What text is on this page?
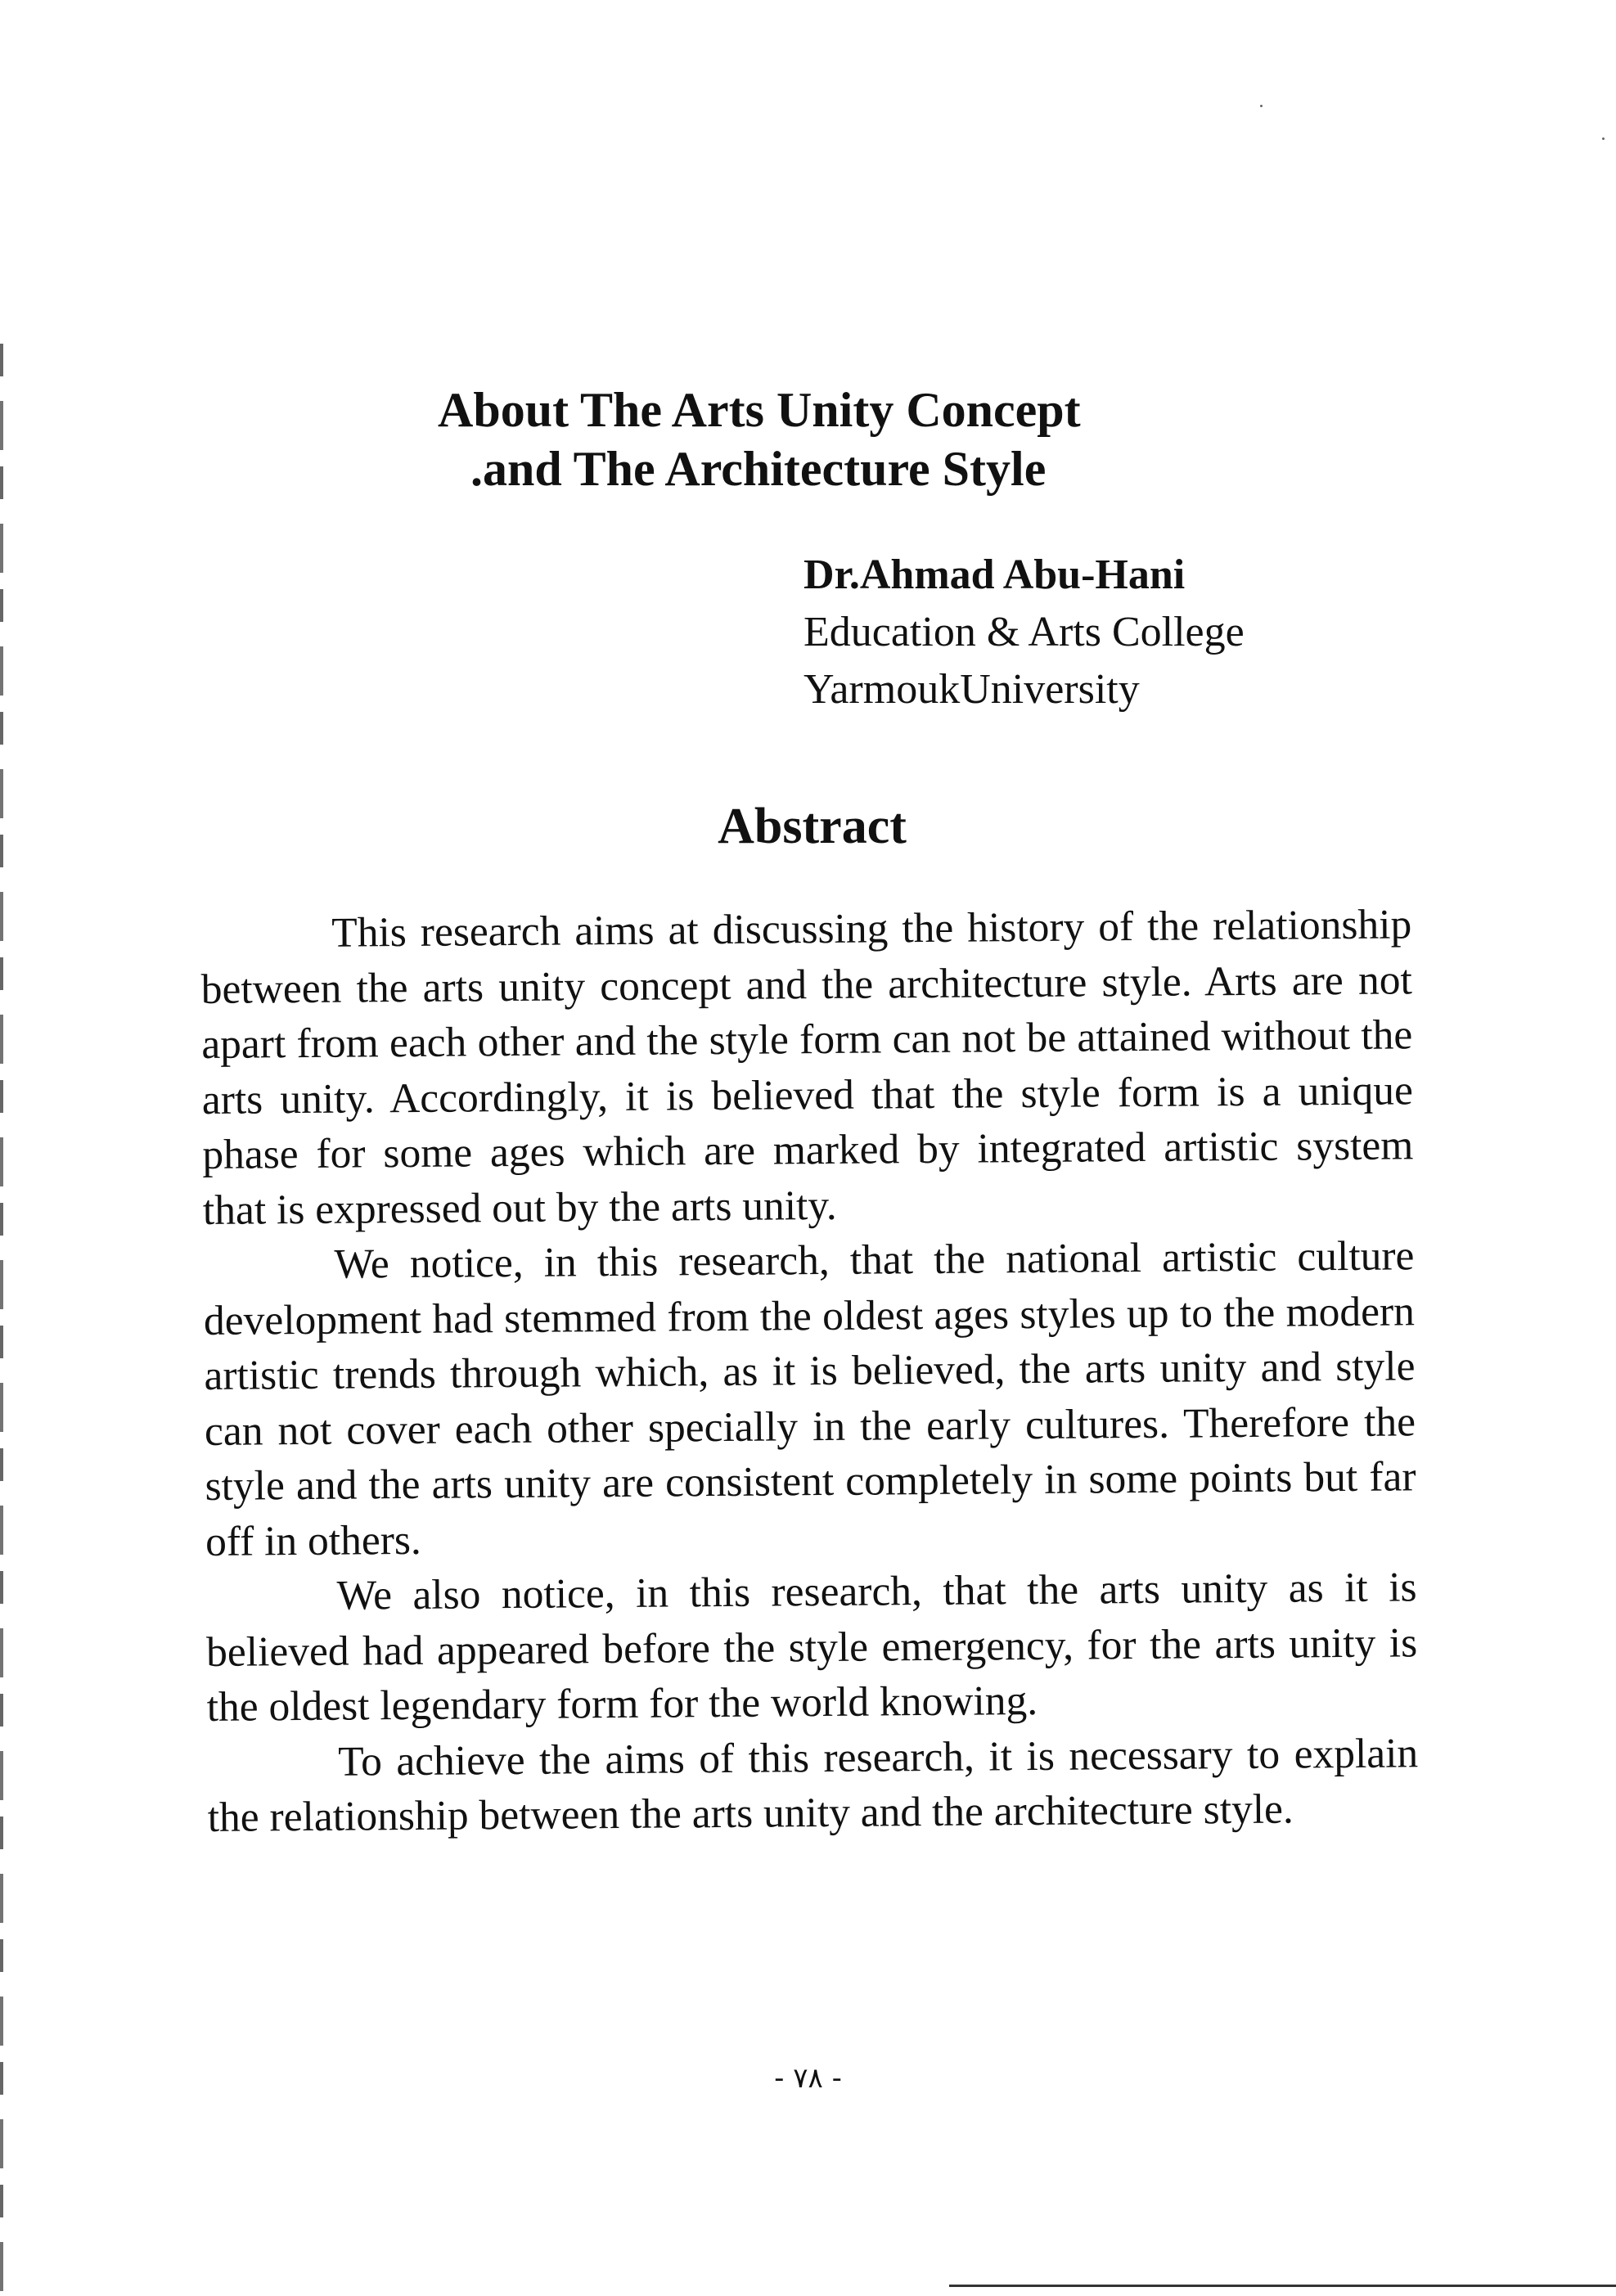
About The Arts Unity Concept

.and The Architecture Style
Dr.Ahmad Abu-Hani
Education & Arts College
YarmoukUniversity
Abstract

This research aims at discussing the history of the relationship between the arts unity concept and the architecture style. Arts are not apart from each other and the style form can not be attained without the arts unity. Accordingly, it is believed that the style form is a unique phase for some ages which are marked by integrated artistic system that is expressed out by the arts unity.

We notice, in this research, that the national artistic culture development had stemmed from the oldest ages styles up to the modern artistic trends through which, as it is believed, the arts unity and style can not cover each other specially in the early cultures. Therefore the style and the arts unity are consistent completely in some points but far off in others.

We also notice, in this research, that the arts unity as it is believed had appeared before the style emergency, for the arts unity is the oldest legendary form for the world knowing.

To achieve the aims of this research, it is necessary to explain the relationship between the arts unity and the architecture style.

- ٧٨ -
